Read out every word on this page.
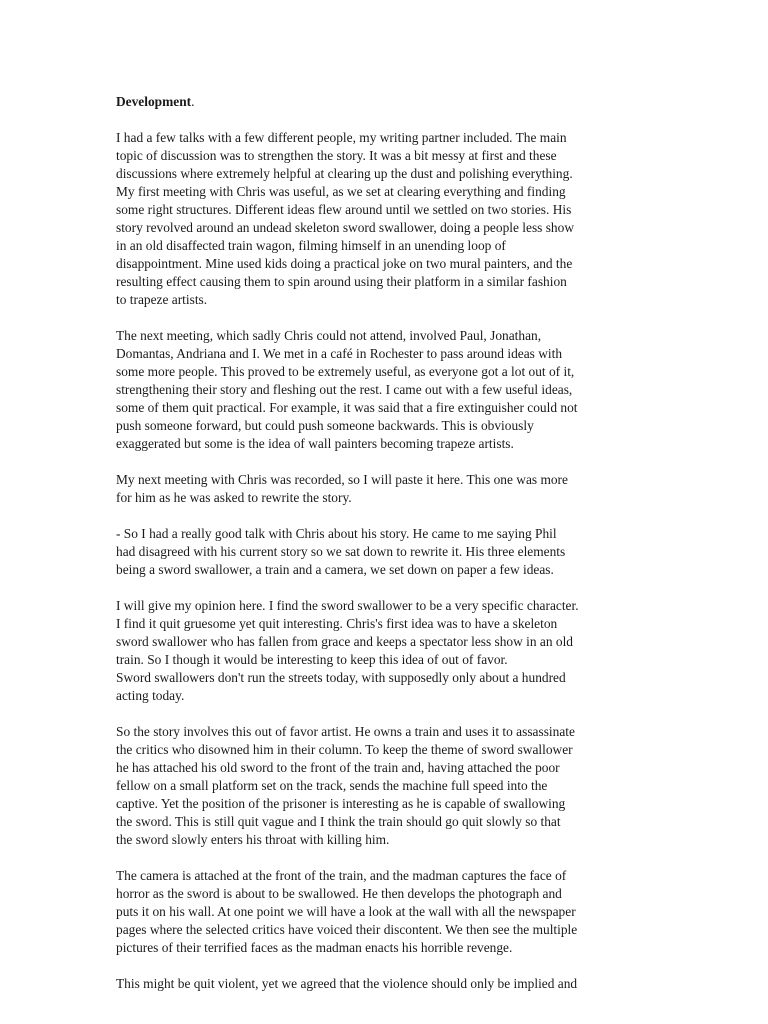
Development.
I had a few talks with a few different people, my writing partner included. The main
topic of discussion was to strengthen the story. It was a bit messy at first and these
discussions where extremely helpful at clearing up the dust and polishing everything.
My first meeting with Chris was useful, as we set at clearing everything and finding
some right structures. Different ideas flew around until we settled on two stories. His
story revolved around an undead skeleton sword swallower, doing a people less show
in an old disaffected train wagon, filming himself in an unending loop of
disappointment. Mine used kids doing a practical joke on two mural painters, and the
resulting effect causing them to spin around using their platform in a similar fashion
to trapeze artists.
The next meeting, which sadly Chris could not attend, involved Paul, Jonathan,
Domantas, Andriana and I. We met in a café in Rochester to pass around ideas with
some more people. This proved to be extremely useful, as everyone got a lot out of it,
strengthening their story and fleshing out the rest. I came out with a few useful ideas,
some of them quit practical. For example, it was said that a fire extinguisher could not
push someone forward, but could push someone backwards. This is obviously
exaggerated but some is the idea of wall painters becoming trapeze artists.
My next meeting with Chris was recorded, so I will paste it here. This one was more
for him as he was asked to rewrite the story.
- So I had a really good talk with Chris about his story. He came to me saying Phil
had disagreed with his current story so we sat down to rewrite it. His three elements
being a sword swallower, a train and a camera, we set down on paper a few ideas.
I will give my opinion here. I find the sword swallower to be a very specific character.
I find it quit gruesome yet quit interesting. Chris's first idea was to have a skeleton
sword swallower who has fallen from grace and keeps a spectator less show in an old
train. So I though it would be interesting to keep this idea of out of favor.
Sword swallowers don't run the streets today, with supposedly only about a hundred
acting today.
So the story involves this out of favor artist. He owns a train and uses it to assassinate
the critics who disowned him in their column. To keep the theme of sword swallower
he has attached his old sword to the front of the train and, having attached the poor
fellow on a small platform set on the track, sends the machine full speed into the
captive. Yet the position of the prisoner is interesting as he is capable of swallowing
the sword. This is still quit vague and I think the train should go quit slowly so that
the sword slowly enters his throat with killing him.
The camera is attached at the front of the train, and the madman captures the face of
horror as the sword is about to be swallowed. He then develops the photograph and
puts it on his wall. At one point we will have a look at the wall with all the newspaper
pages where the selected critics have voiced their discontent. We then see the multiple
pictures of their terrified faces as the madman enacts his horrible revenge.
This might be quit violent, yet we agreed that the violence should only be implied and
